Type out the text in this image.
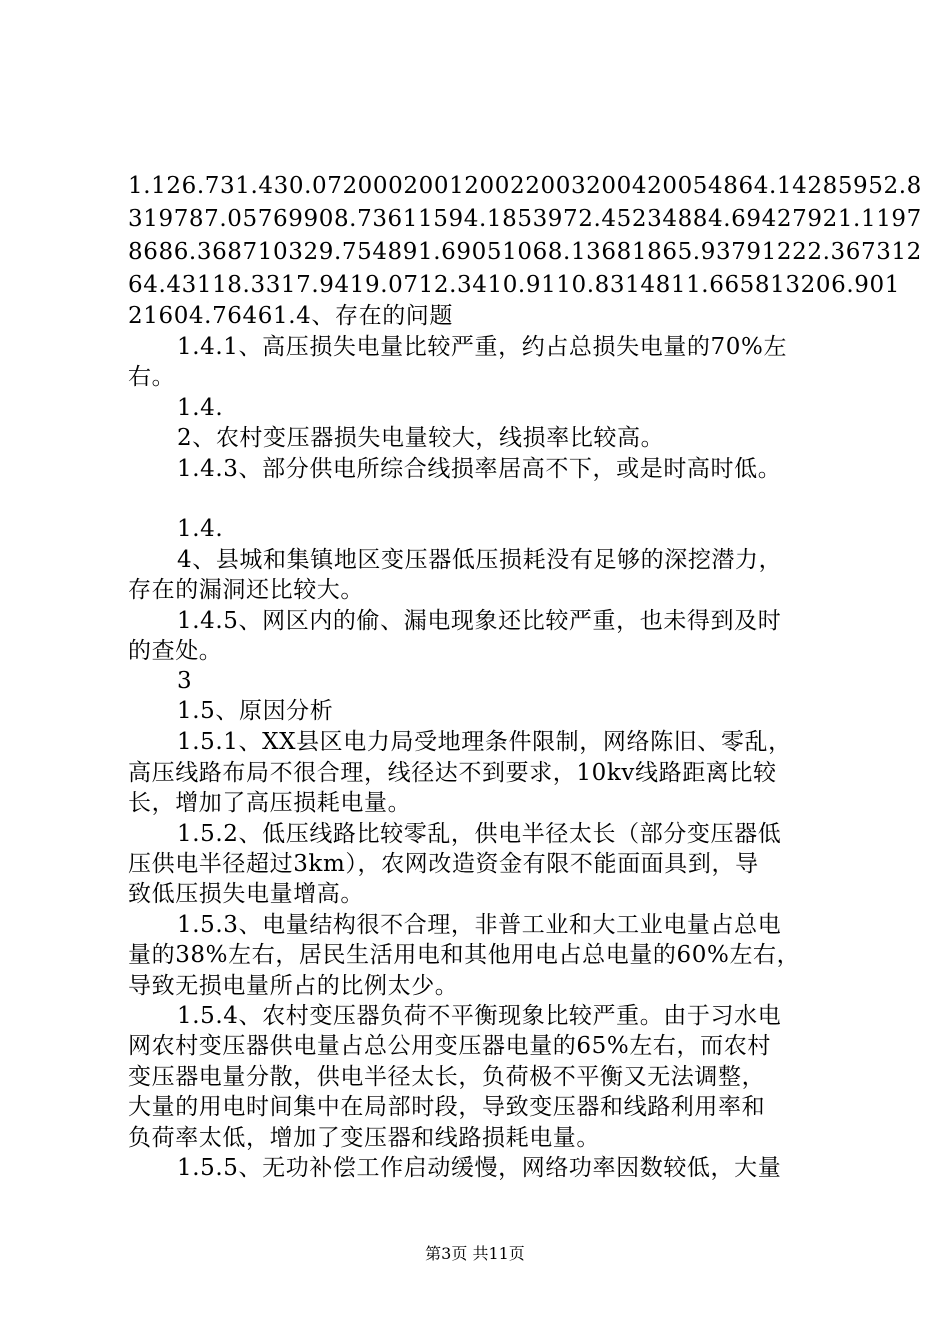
1.126.731.430.072000200120022003200420054864.14285952.8
319787.05769908.73611594.1853972.45234884.69427921.1197
8686.368710329.754891.69051068.13681865.93791222.367312
64.43118.3317.9419.0712.3410.9110.8314811.665813206.901
21604.76461.4、存在的问题
1.4.1、高压损失电量比较严重，约占总损失电量的70%左
右。
1.4.
2、农村变压器损失电量较大，线损率比较高。
1.4.3、部分供电所综合线损率居高不下，或是时高时低。
1.4.
4、县城和集镇地区变压器低压损耗没有足够的深挖潜力，
存在的漏洞还比较大。
1.4.5、网区内的偷、漏电现象还比较严重，也未得到及时
的查处。
3
1.5、原因分析
1.5.1、XX县区电力局受地理条件限制，网络陈旧、零乱，
高压线路布局不很合理，线径达不到要求，10kv线路距离比较
长，增加了高压损耗电量。
1.5.2、低压线路比较零乱，供电半径太长（部分变压器低
压供电半径超过3km），农网改造资金有限不能面面具到，导
致低压损失电量增高。
1.5.3、电量结构很不合理，非普工业和大工业电量占总电
量的38%左右，居民生活用电和其他用电占总电量的60%左右，
导致无损电量所占的比例太少。
1.5.4、农村变压器负荷不平衡现象比较严重。由于习水电
网农村变压器供电量占总公用变压器电量的65%左右，而农村
变压器电量分散，供电半径太长，负荷极不平衡又无法调整，
大量的用电时间集中在局部时段，导致变压器和线路利用率和
负荷率太低，增加了变压器和线路损耗电量。
1.5.5、无功补偿工作启动缓慢，网络功率因数较低，大量
第3页 共11页
